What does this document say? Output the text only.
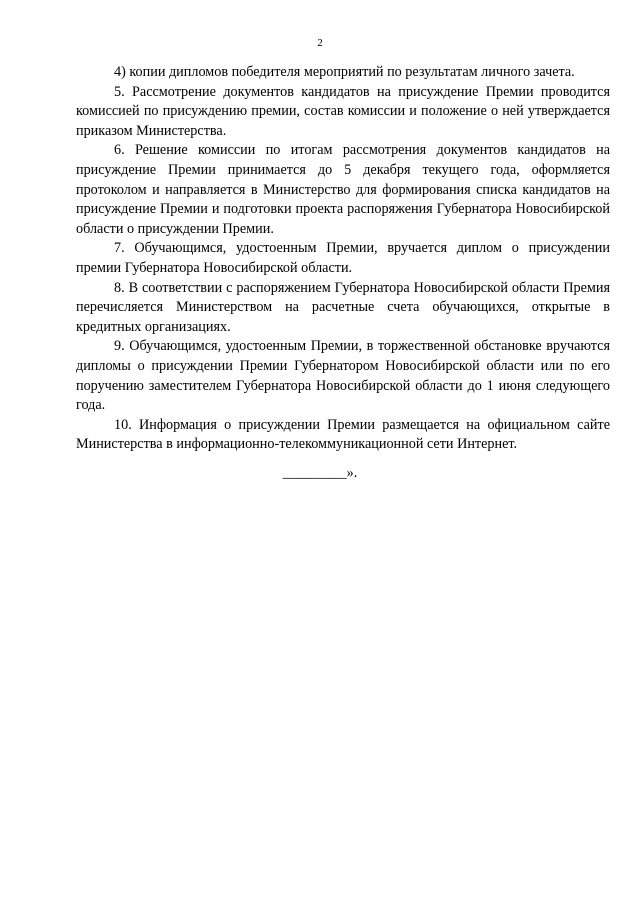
2

4) копии дипломов победителя мероприятий по результатам личного зачета.

5. Рассмотрение документов кандидатов на присуждение Премии проводится комиссией по присуждению премии, состав комиссии и положение о ней утверждается приказом Министерства.

6. Решение комиссии по итогам рассмотрения документов кандидатов на присуждение Премии принимается до 5 декабря текущего года, оформляется протоколом и направляется в Министерство для формирования списка кандидатов на присуждение Премии и подготовки проекта распоряжения Губернатора Новосибирской области о присуждении Премии.

7. Обучающимся, удостоенным Премии, вручается диплом о присуждении премии Губернатора Новосибирской области.

8. В соответствии с распоряжением Губернатора Новосибирской области Премия перечисляется Министерством на расчетные счета обучающихся, открытые в кредитных организациях.

9. Обучающимся, удостоенным Премии, в торжественной обстановке вручаются дипломы о присуждении Премии Губернатором Новосибирской области или по его поручению заместителем Губернатора Новосибирской области до 1 июня следующего года.

10. Информация о присуждении Премии размещается на официальном сайте Министерства в информационно-телекоммуникационной сети Интернет.

_________».
